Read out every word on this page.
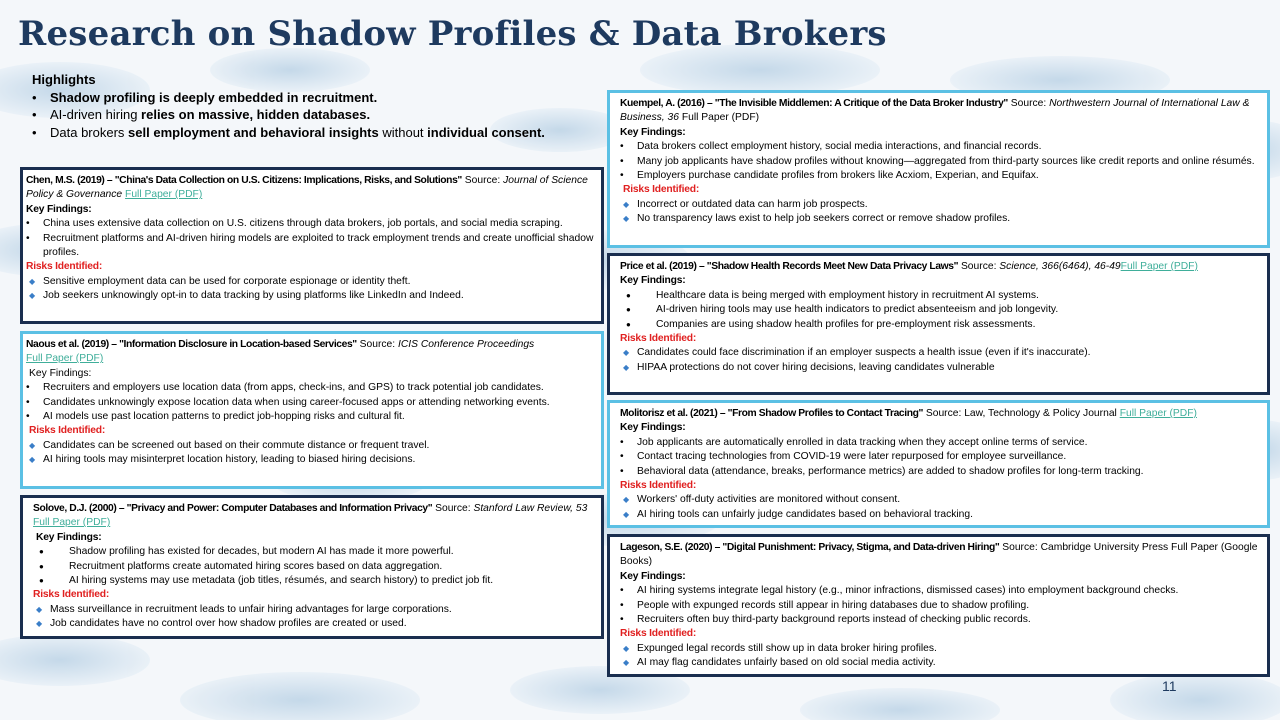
Research on Shadow Profiles & Data Brokers
Highlights
• Shadow profiling is deeply embedded in recruitment.
• AI-driven hiring relies on massive, hidden databases.
• Data brokers sell employment and behavioral insights without individual consent.
Chen, M.S. (2019) – "China's Data Collection on U.S. Citizens: Implications, Risks, and Solutions" Source: Journal of Science Policy & Governance Full Paper (PDF)
Key Findings:
• China uses extensive data collection on U.S. citizens through data brokers, job portals, and social media scraping.
• Recruitment platforms and AI-driven hiring models are exploited to track employment trends and create unofficial shadow profiles.
Risks Identified:
◆ Sensitive employment data can be used for corporate espionage or identity theft.
◆ Job seekers unknowingly opt-in to data tracking by using platforms like LinkedIn and Indeed.
Naous et al. (2019) – "Information Disclosure in Location-based Services" Source: ICIS Conference Proceedings
Full Paper (PDF)
Key Findings:
• Recruiters and employers use location data (from apps, check-ins, and GPS) to track potential job candidates.
• Candidates unknowingly expose location data when using career-focused apps or attending networking events.
• AI models use past location patterns to predict job-hopping risks and cultural fit.
Risks Identified:
◆ Candidates can be screened out based on their commute distance or frequent travel.
◆ AI hiring tools may misinterpret location history, leading to biased hiring decisions.
Solove, D.J. (2000) – "Privacy and Power: Computer Databases and Information Privacy" Source: Stanford Law Review, 53 Full Paper (PDF)
Key Findings:
● Shadow profiling has existed for decades, but modern AI has made it more powerful.
● Recruitment platforms create automated hiring scores based on data aggregation.
● AI hiring systems may use metadata (job titles, résumés, and search history) to predict job fit.
Risks Identified:
◆ Mass surveillance in recruitment leads to unfair hiring advantages for large corporations.
◆ Job candidates have no control over how shadow profiles are created or used.
Kuempel, A. (2016) – "The Invisible Middlemen: A Critique of the Data Broker Industry" Source: Northwestern Journal of International Law & Business, 36 Full Paper (PDF)
Key Findings:
• Data brokers collect employment history, social media interactions, and financial records.
• Many job applicants have shadow profiles without knowing—aggregated from third-party sources like credit reports and online résumés.
• Employers purchase candidate profiles from brokers like Acxiom, Experian, and Equifax.
Risks Identified:
◆ Incorrect or outdated data can harm job prospects.
◆ No transparency laws exist to help job seekers correct or remove shadow profiles.
Price et al. (2019) – "Shadow Health Records Meet New Data Privacy Laws" Source: Science, 366(6464), 46-49Full Paper (PDF)
Key Findings:
● Healthcare data is being merged with employment history in recruitment AI systems.
● AI-driven hiring tools may use health indicators to predict absenteeism and job longevity.
● Companies are using shadow health profiles for pre-employment risk assessments.
Risks Identified:
◆ Candidates could face discrimination if an employer suspects a health issue (even if it's inaccurate).
◆ HIPAA protections do not cover hiring decisions, leaving candidates vulnerable
Molitorisz et al. (2021) – "From Shadow Profiles to Contact Tracing" Source: Law, Technology & Policy Journal Full Paper (PDF)
Key Findings:
• Job applicants are automatically enrolled in data tracking when they accept online terms of service.
• Contact tracing technologies from COVID-19 were later repurposed for employee surveillance.
• Behavioral data (attendance, breaks, performance metrics) are added to shadow profiles for long-term tracking.
Risks Identified:
◆ Workers' off-duty activities are monitored without consent.
◆ AI hiring tools can unfairly judge candidates based on behavioral tracking.
Lageson, S.E. (2020) – "Digital Punishment: Privacy, Stigma, and Data-driven Hiring" Source: Cambridge University Press Full Paper (Google Books)
Key Findings:
• AI hiring systems integrate legal history (e.g., minor infractions, dismissed cases) into employment background checks.
• People with expunged records still appear in hiring databases due to shadow profiling.
• Recruiters often buy third-party background reports instead of checking public records.
Risks Identified:
◆ Expunged legal records still show up in data broker hiring profiles.
◆ AI may flag candidates unfairly based on old social media activity.
11
